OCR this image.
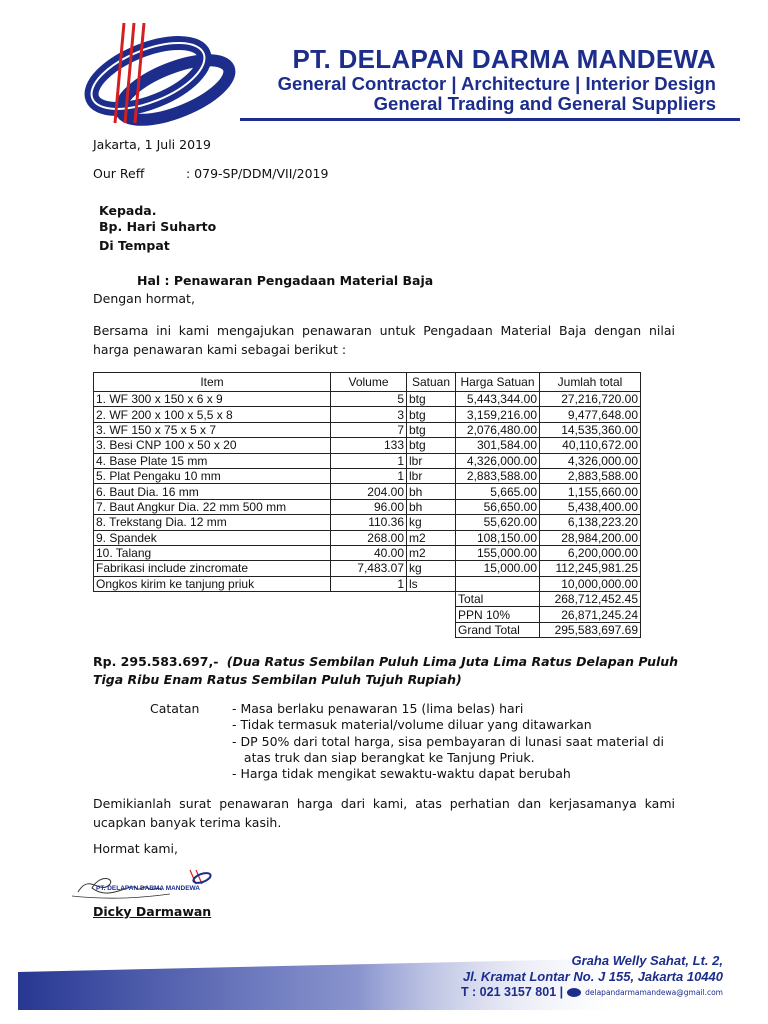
PT. DELAPAN DARMA MANDEWA
General Contractor | Architecture | Interior Design
General Trading and General Suppliers
Jakarta, 1 Juli 2019
Our Reff	: 079-SP/DDM/VII/2019
Kepada.
Bp. Hari Suharto
Di Tempat
Hal : Penawaran Pengadaan Material Baja
Dengan hormat,
Bersama ini kami mengajukan penawaran untuk Pengadaan Material Baja dengan nilai harga penawaran kami sebagai berikut :
Item	Volume	Satuan	Harga Satuan	Jumlah total
1. WF 300 x 150 x 6 x 9	5	btg	5,443,344.00	27,216,720.00
2. WF 200 x 100 x 5,5 x 8	3	btg	3,159,216.00	9,477,648.00
3. WF 150 x 75 x 5 x 7	7	btg	2,076,480.00	14,535,360.00
3. Besi CNP 100 x 50 x 20	133	btg	301,584.00	40,110,672.00
4. Base Plate 15 mm	1	lbr	4,326,000.00	4,326,000.00
5. Plat Pengaku 10 mm	1	lbr	2,883,588.00	2,883,588.00
6. Baut Dia. 16 mm	204.00	bh	5,665.00	1,155,660.00
7. Baut Angkur Dia. 22 mm 500 mm	96.00	bh	56,650.00	5,438,400.00
8. Trekstang Dia. 12 mm	110.36	kg	55,620.00	6,138,223.20
9. Spandek	268.00	m2	108,150.00	28,984,200.00
10. Talang	40.00	m2	155,000.00	6,200,000.00
Fabrikasi include zincromate	7,483.07	kg	15,000.00	112,245,981.25
Ongkos kirim ke tanjung priuk	1	ls		10,000,000.00
			Total	268,712,452.45
			PPN 10%	26,871,245.24
			Grand Total	295,583,697.69
Rp. 295.583.697,- (Dua Ratus Sembilan Puluh Lima Juta Lima Ratus Delapan Puluh
Tiga Ribu Enam Ratus Sembilan Puluh Tujuh Rupiah)
Catatan	- Masa berlaku penawaran 15 (lima belas) hari
- Tidak termasuk material/volume diluar yang ditawarkan
- DP 50% dari total harga, sisa pembayaran di lunasi saat material di
atas truk dan siap berangkat ke Tanjung Priuk.
- Harga tidak mengikat sewaktu-waktu dapat berubah
Demikianlah surat penawaran harga dari kami, atas perhatian dan kerjasamanya kami ucapkan banyak terima kasih.
Hormat kami,
PT. DELAPAN DARMA MANDEWA
Dicky Darmawan
Graha Welly Sahat, Lt. 2,
Jl. Kramat Lontar No. J 155, Jakarta 10440
T : 021 3157 801 |	delapandarmamandewa@gmail.com
